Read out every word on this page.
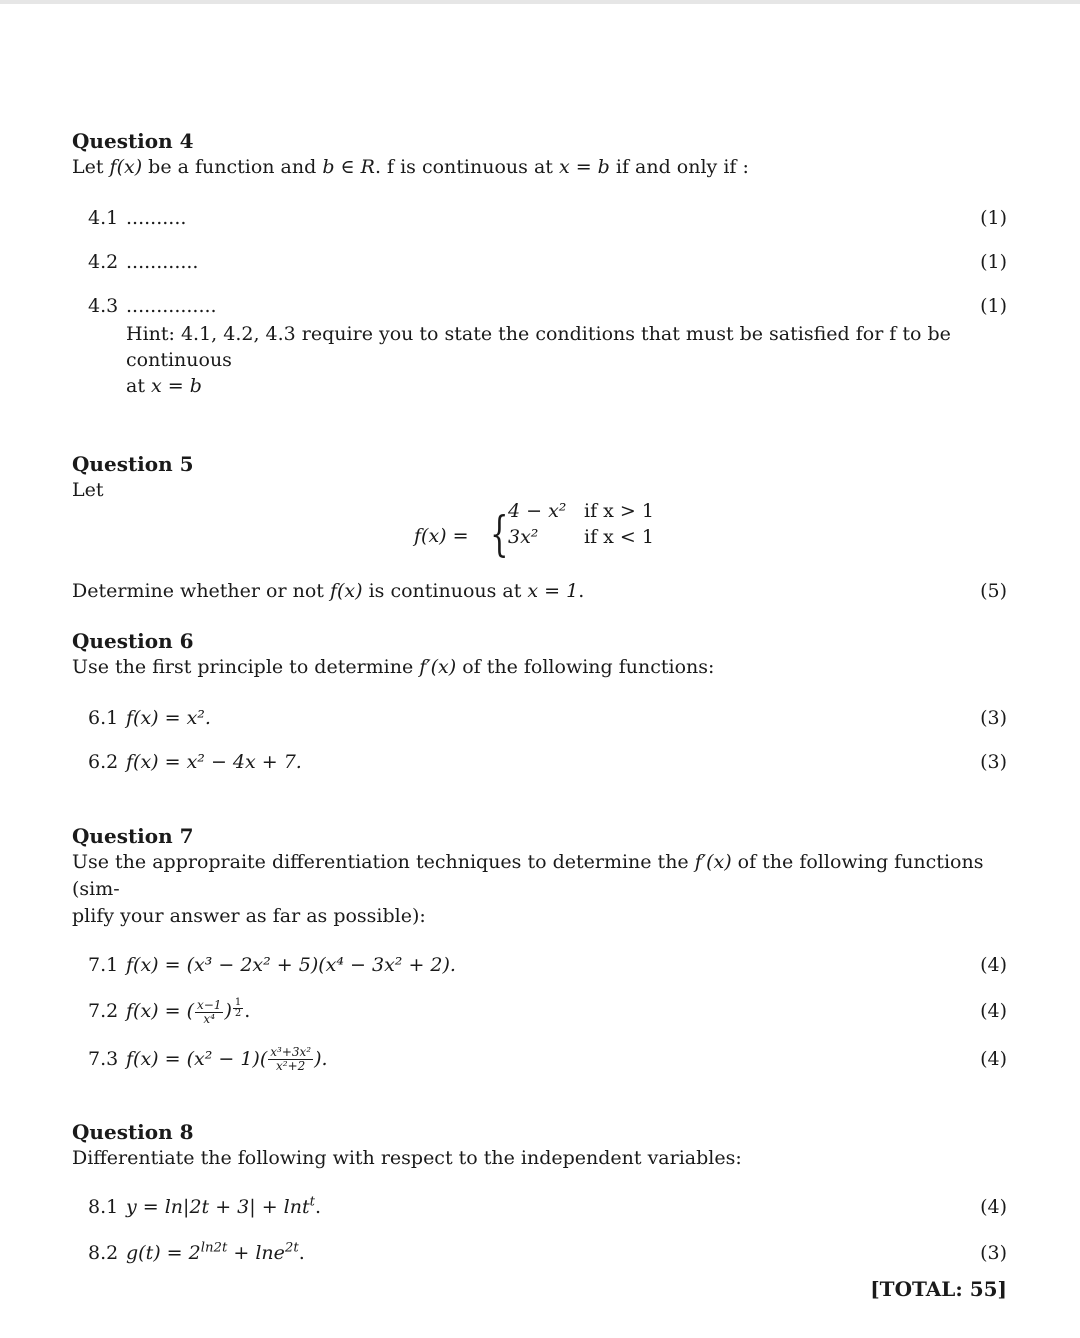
Question 4

Let f(x) be a function and b ∈ R. f is continuous at x = b if and only if :

4.1 ..........	(1)
4.2 ............	(1)
4.3 ...............	(1)
Hint: 4.1, 4.2, 4.3 require you to state the conditions that must be satisfied for f to be continuous
at x = b

Question 5

Let

f(x) = { 4 − x² if x > 1
3x² if x < 1
Determine whether or not f(x) is continuous at x = 1.	(5)

Question 6

Use the first principle to determine f′(x) of the following functions:

6.1 f(x) = x².	(3)
6.2 f(x) = x² − 4x + 7.	(3)

Question 7

Use the appropraite differentiation techniques to determine the f′(x) of the following functions (sim-

plify your answer as far as possible):

7.1 f(x) = (x³ − 2x² + 5)(x⁴ − 3x² + 2).	(4)
7.2 f(x) = ( $\frac{x-1}{\text{x⁴}}$ ) $\frac{1}{2}$ .	(4)
7.3 $f(x) = (x^2 - 1)( \frac{\text{x³+3x²}}{\text{x²+2}}$ ).	(4)

Question 8

Differentiate the following with respect to the independent variables:

8.1 y = ln|2t + 3| + lnt$^t$.	(4)
8.2 $g(t) = 2^{ln2t} + \ln e^{2t}$.	(3)
[TOTAL: 55]
